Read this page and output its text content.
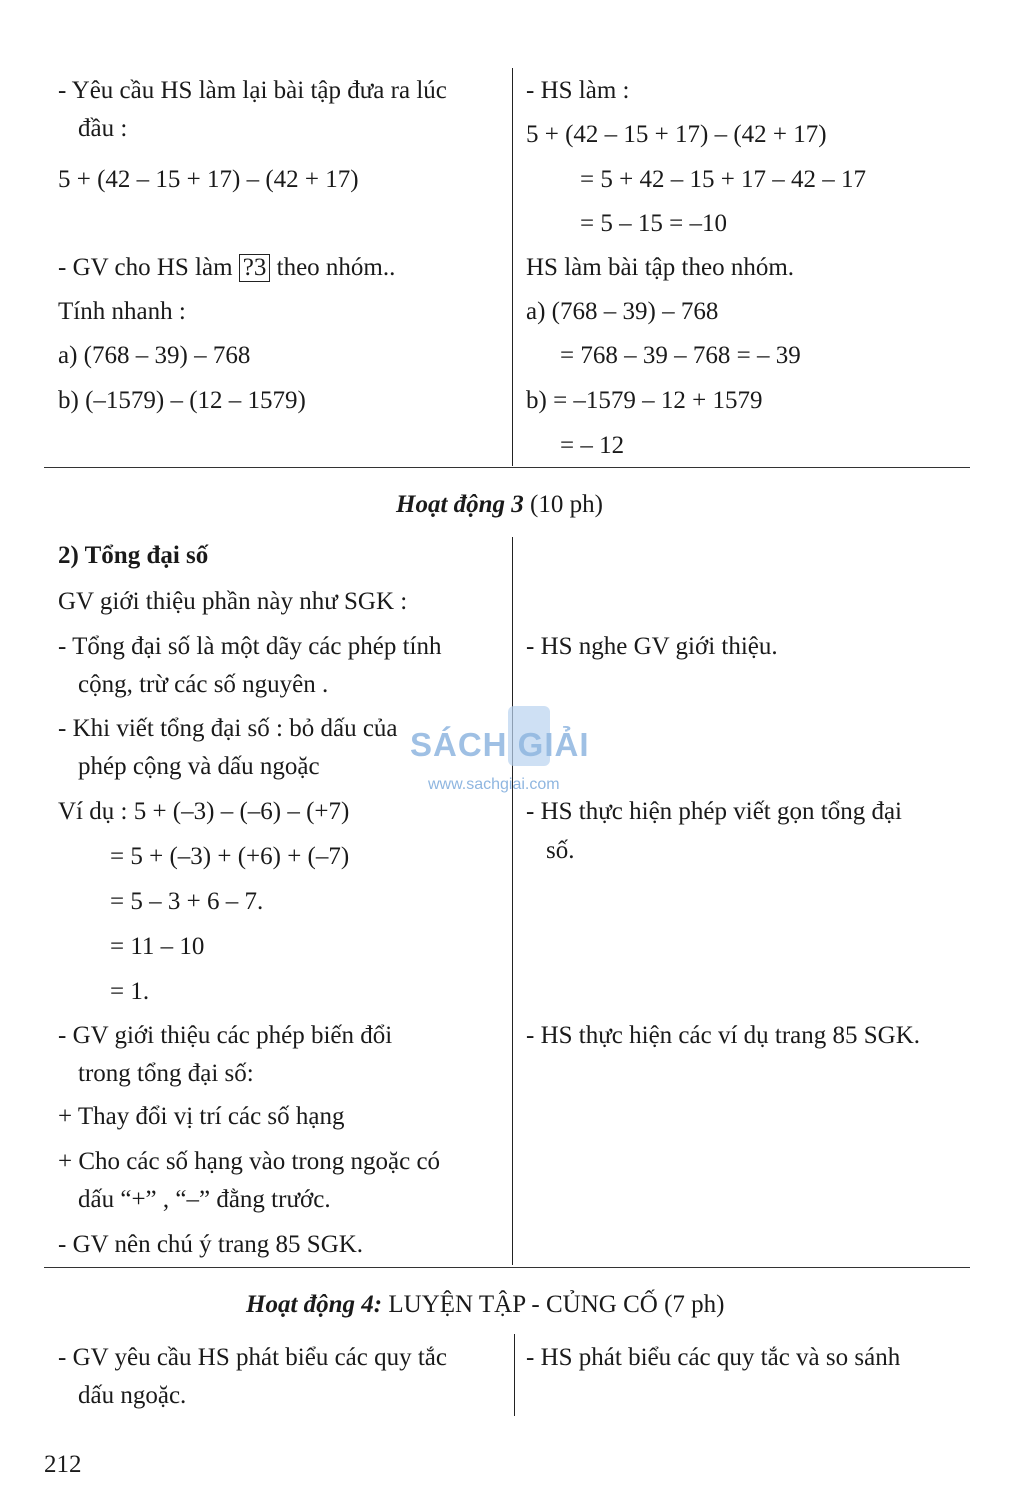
- Yêu cầu HS làm lại bài tập đưa ra lúc
đầu :
5 + (42 – 15 + 17) – (42 + 17)
- GV cho HS làm ?3 theo nhóm..
Tính nhanh :
a) (768 – 39) – 768
b) (–1579) – (12 – 1579)
- HS làm :
5 + (42 – 15 + 17) – (42 + 17)
= 5 + 42 – 15 + 17 – 42 – 17
= 5 – 15 = –10
HS làm bài tập theo nhóm.
a) (768 – 39) – 768
= 768 – 39 – 768 = – 39
b) = –1579 – 12 + 1579
= – 12
Hoạt động 3 (10 ph)
2) Tổng đại số
GV giới thiệu phần này như SGK :
- Tổng đại số là một dãy các phép tính
cộng, trừ các số nguyên .
- Khi viết tổng đại số : bỏ dấu của
phép cộng và dấu ngoặc
Ví dụ : 5 + (–3) – (–6) – (+7)
= 5 + (–3) + (+6) + (–7)
= 5 – 3 + 6 – 7.
= 11 – 10
= 1.
- GV giới thiệu các phép biến đổi
trong tổng đại số:
+ Thay đổi vị trí các số hạng
+ Cho các số hạng vào trong ngoặc có
dấu “+” , “–” đằng trước.
- GV nên chú ý trang 85 SGK.
- HS nghe GV giới thiệu.
- HS thực hiện phép viết gọn tổng đại
số.
- HS thực hiện các ví dụ trang 85 SGK.
SÁCH GIẢI
www.sachgiai.com
Hoạt động 4: LUYỆN TẬP - CỦNG CỐ (7 ph)
- GV yêu cầu HS phát biểu các quy tắc
dấu ngoặc.
- HS phát biểu các quy tắc và so sánh
212
